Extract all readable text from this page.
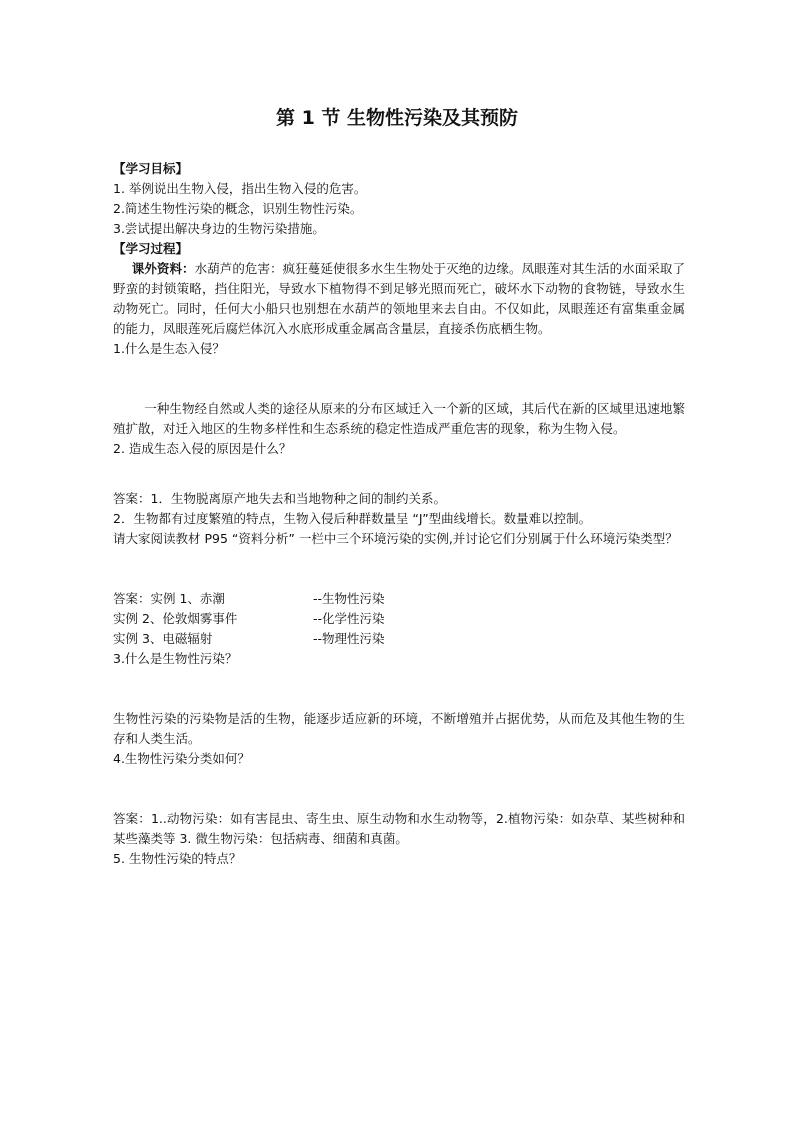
第 1 节 生物性污染及其预防

【学习目标】

1. 举例说出生物入侵，指出生物入侵的危害。

2.简述生物性污染的概念，识别生物性污染。

3.尝试提出解决身边的生物污染措施。

【学习过程】

课外资料：水葫芦的危害：疯狂蔓延使很多水生生物处于灭绝的边缘。凤眼莲对其生活的水面采取了野蛮的封锁策略，挡住阳光，导致水下植物得不到足够光照而死亡，破坏水下动物的食物链，导致水生动物死亡。同时，任何大小船只也别想在水葫芦的领地里来去自由。不仅如此，凤眼莲还有富集重金属的能力，凤眼莲死后腐烂体沉入水底形成重金属高含量层，直接杀伤底栖生物。

1.什么是生态入侵？

一种生物经自然或人类的途径从原来的分布区域迁入一个新的区域，其后代在新的区域里迅速地繁殖扩散，对迁入地区的生物多样性和生态系统的稳定性造成严重危害的现象，称为生物入侵。

2. 造成生态入侵的原因是什么？

答案：1．生物脱离原产地失去和当地物种之间的制约关系。

2．生物都有过度繁殖的特点，生物入侵后种群数量呈 “J”型曲线增长。数量难以控制。

请大家阅读教材 P95 “资料分析” 一栏中三个环境污染的实例,并讨论它们分别属于什么环境污染类型？

答案：实例 1、赤潮	--生物性污染
实例 2、伦敦烟雾事件	--化学性污染
实例 3、电磁辐射	--物理性污染

3.什么是生物性污染？

生物性污染的污染物是活的生物，能逐步适应新的环境，不断增殖并占据优势，从而危及其他生物的生存和人类生活。

4.生物性污染分类如何？

答案：1..动物污染：如有害昆虫、寄生虫、原生动物和水生动物等，2.植物污染：如杂草、某些树种和某些藻类等 3. 微生物污染：包括病毒、细菌和真菌。

5. 生物性污染的特点？
